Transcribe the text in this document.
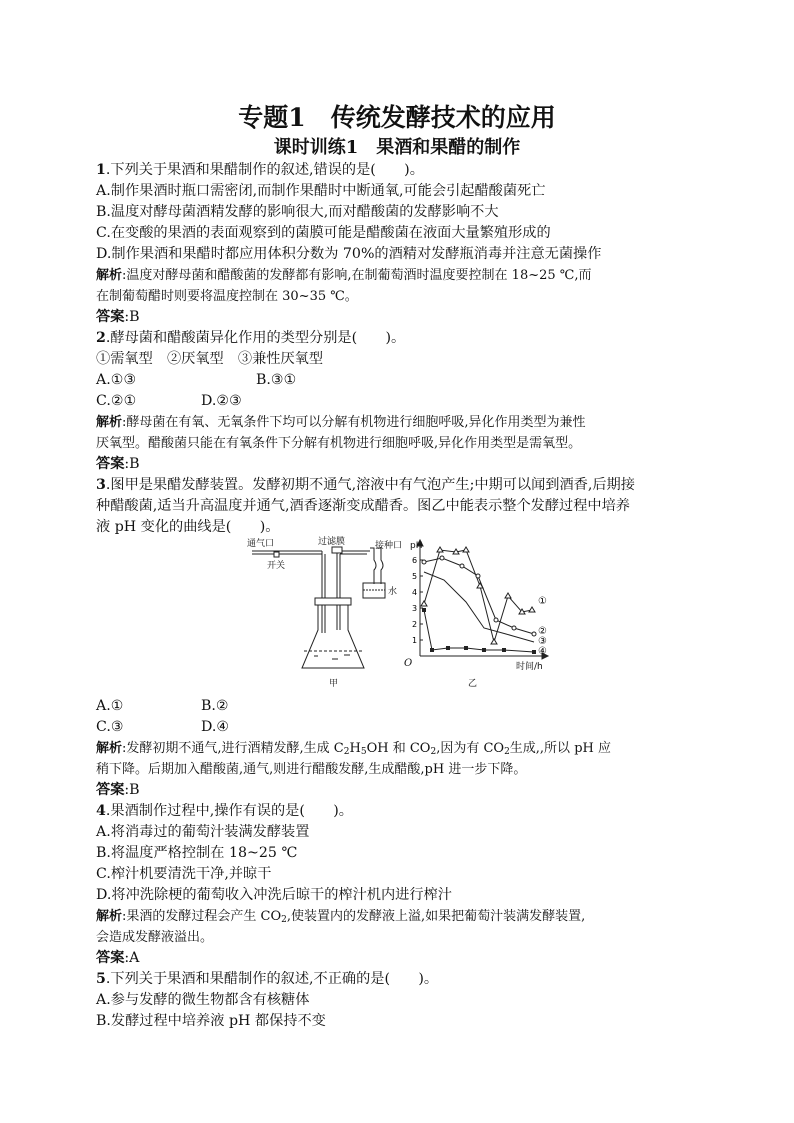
专题1　传统发酵技术的应用
课时训练1　果酒和果醋的制作
1.下列关于果酒和果醋制作的叙述,错误的是(　　)。
A.制作果酒时瓶口需密闭,而制作果醋时中断通氧,可能会引起醋酸菌死亡
B.温度对酵母菌酒精发酵的影响很大,而对醋酸菌的发酵影响不大
C.在变酸的果酒的表面观察到的菌膜可能是醋酸菌在液面大量繁殖形成的
D.制作果酒和果醋时都应用体积分数为 70%的酒精对发酵瓶消毒并注意无菌操作
解析:温度对酵母菌和醋酸菌的发酵都有影响,在制葡萄酒时温度要控制在 18~25 ℃,而
在制葡萄醋时则要将温度控制在 30~35 ℃。
答案:B
2.酵母菌和醋酸菌异化作用的类型分别是(　　)。
①需氧型　②厌氧型　③兼性厌氧型
A.①③	B.③①
C.②①	D.②③
解析:酵母菌在有氧、无氧条件下均可以分解有机物进行细胞呼吸,异化作用类型为兼性
厌氧型。醋酸菌只能在有氧条件下分解有机物进行细胞呼吸,异化作用类型是需氧型。
答案:B
3.图甲是果醋发酵装置。发酵初期不通气,溶液中有气泡产生;中期可以闻到酒香,后期接
种醋酸菌,适当升高温度并通气,酒香逐渐变成醋香。图乙中能表示整个发酵过程中培养
液 pH 变化的曲线是(　　)。
通气口	过滤膜	接种口
开关
水
甲
1
2
3
4
5
6
①
②
③
④
pH
时间/h
O
乙
A.①	B.②
C.③	D.④
解析:发酵初期不通气,进行酒精发酵,生成 $C_2H_5OH$ 和 $CO_2$,因为有 $CO_2$生成,,所以 pH 应
稍下降。后期加入醋酸菌,通气,则进行醋酸发酵,生成醋酸,pH 进一步下降。
答案:B
4.果酒制作过程中,操作有误的是(　　)。
A.将消毒过的葡萄汁装满发酵装置
B.将温度严格控制在 18~25 ℃
C.榨汁机要清洗干净,并晾干
D.将冲洗除梗的葡萄收入冲洗后晾干的榨汁机内进行榨汁
解析:果酒的发酵过程会产生 $CO_2$,使装置内的发酵液上溢,如果把葡萄汁装满发酵装置,
会造成发酵液溢出。
答案:A
5.下列关于果酒和果醋制作的叙述,不正确的是(　　)。
A.参与发酵的微生物都含有核糖体
B.发酵过程中培养液 pH 都保持不变
